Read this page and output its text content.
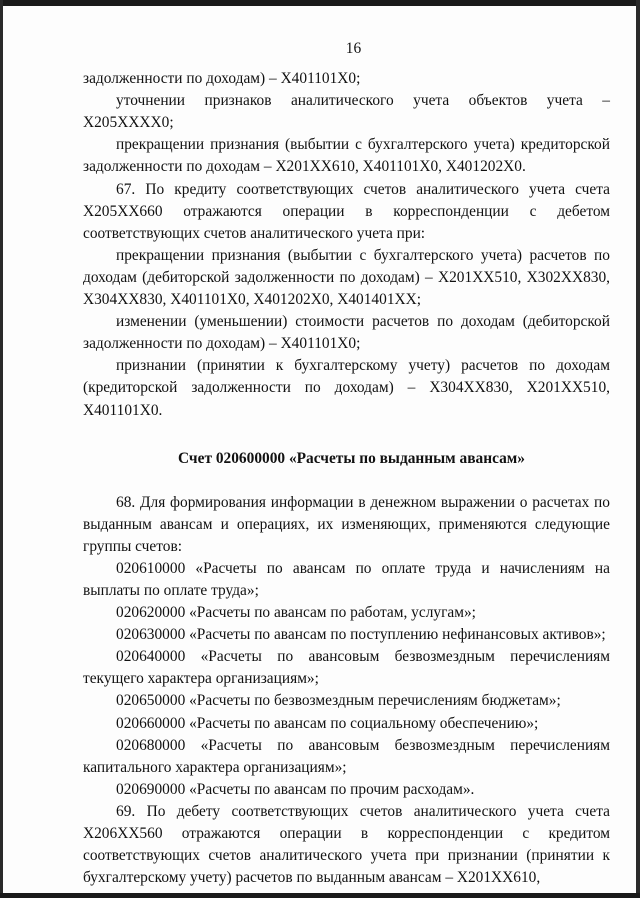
16

задолженности по доходам) – Х401101Х0;

уточнении признаков аналитического учета объектов учета – Х205ХХХХ0;

прекращении признания (выбытии с бухгалтерского учета) кредиторской задолженности по доходам – Х201ХХ610, Х401101Х0, Х401202Х0.

67. По кредиту соответствующих счетов аналитического учета счета Х205ХХ660 отражаются операции в корреспонденции с дебетом соответствующих счетов аналитического учета при:

прекращении признания (выбытии с бухгалтерского учета) расчетов по доходам (дебиторской задолженности по доходам) – Х201ХХ510, Х302ХХ830, Х304ХХ830, Х401101Х0, Х401202Х0, Х401401ХХ;

изменении (уменьшении) стоимости расчетов по доходам (дебиторской задолженности по доходам) – Х401101Х0;

признании (принятии к бухгалтерскому учету) расчетов по доходам (кредиторской задолженности по доходам) – Х304ХХ830, Х201ХХ510, Х401101Х0.

Счет 020600000 «Расчеты по выданным авансам»

68. Для формирования информации в денежном выражении о расчетах по выданным авансам и операциях, их изменяющих, применяются следующие группы счетов:

020610000 «Расчеты по авансам по оплате труда и начислениям на выплаты по оплате труда»;

020620000 «Расчеты по авансам по работам, услугам»;

020630000 «Расчеты по авансам по поступлению нефинансовых активов»;

020640000 «Расчеты по авансовым безвозмездным перечислениям текущего характера организациям»;

020650000 «Расчеты по безвозмездным перечислениям бюджетам»;

020660000 «Расчеты по авансам по социальному обеспечению»;

020680000 «Расчеты по авансовым безвозмездным перечислениям капитального характера организациям»;

020690000 «Расчеты по авансам по прочим расходам».

69. По дебету соответствующих счетов аналитического учета счета Х206ХХ560 отражаются операции в корреспонденции с кредитом соответствующих счетов аналитического учета при признании (принятии к бухгалтерскому учету) расчетов по выданным авансам – Х201ХХ610,
